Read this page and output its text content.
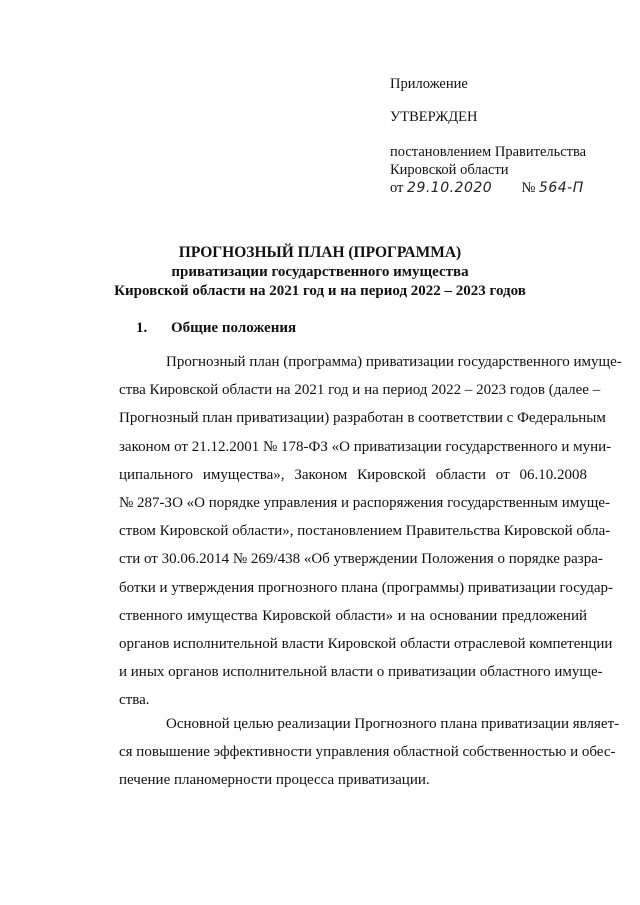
Приложение
УТВЕРЖДЕН
постановлением Правительства
Кировской области
от 29.10.2020 № 564-П
ПРОГНОЗНЫЙ ПЛАН (ПРОГРАММА)
приватизации государственного имущества
Кировской области на 2021 год и на период 2022 – 2023 годов
1. Общие положения
Прогнозный план (программа) приватизации государственного имуще-
ства Кировской области на 2021 год и на период 2022 – 2023 годов (далее –
Прогнозный план приватизации) разработан в соответствии с Федеральным
законом от 21.12.2001 № 178-ФЗ «О приватизации государственного и муни-
ципального имущества», Законом Кировской области от 06.10.2008
№ 287-ЗО «О порядке управления и распоряжения государственным имуще-
ством Кировской области», постановлением Правительства Кировской обла-
сти от 30.06.2014 № 269/438 «Об утверждении Положения о порядке разра-
ботки и утверждения прогнозного плана (программы) приватизации государ-
ственного имущества Кировской области» и на основании предложений
органов исполнительной власти Кировской области отраслевой компетенции
и иных органов исполнительной власти о приватизации областного имуще-
ства.
Основной целью реализации Прогнозного плана приватизации являет-
ся повышение эффективности управления областной собственностью и обес-
печение планомерности процесса приватизации.
